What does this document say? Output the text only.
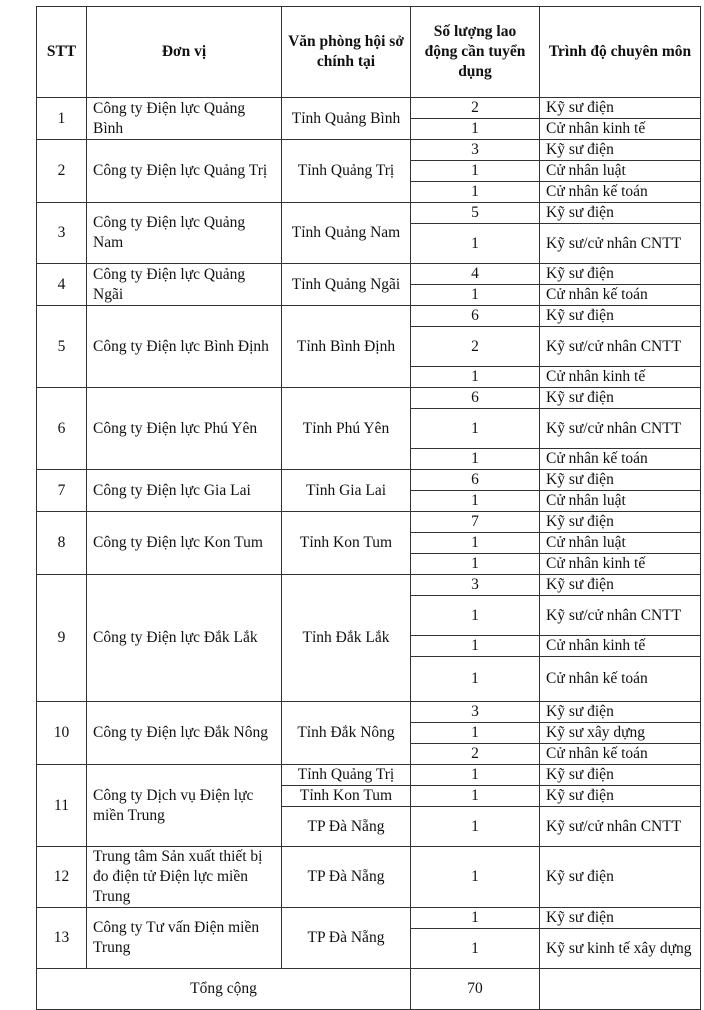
STT	Đơn vị	Văn phòng hội sở chính tại	Số lượng lao động cần tuyển dụng	Trình độ chuyên môn
1	Công ty Điện lực Quảng Bình	Tỉnh Quảng Bình	2	Kỹ sư điện
			1	Cử nhân kinh tế
2	Công ty Điện lực Quảng Trị	Tỉnh Quảng Trị	3	Kỹ sư điện
			1	Cử nhân luật
			1	Cử nhân kế toán
3	Công ty Điện lực Quảng Nam	Tỉnh Quảng Nam	5	Kỹ sư điện
			1	Kỹ sư/cử nhân CNTT
4	Công ty Điện lực Quảng Ngãi	Tỉnh Quảng Ngãi	4	Kỹ sư điện
			1	Cử nhân kế toán
5	Công ty Điện lực Bình Định	Tỉnh Bình Định	6	Kỹ sư điện
			2	Kỹ sư/cử nhân CNTT
			1	Cử nhân kinh tế
6	Công ty Điện lực Phú Yên	Tỉnh Phú Yên	6	Kỹ sư điện
			1	Kỹ sư/cử nhân CNTT
			1	Cử nhân kế toán
7	Công ty Điện lực Gia Lai	Tỉnh Gia Lai	6	Kỹ sư điện
			1	Cử nhân luật
8	Công ty Điện lực Kon Tum	Tỉnh Kon Tum	7	Kỹ sư điện
			1	Cử nhân luật
			1	Cử nhân kinh tế
9	Công ty Điện lực Đắk Lắk	Tỉnh Đắk Lắk	3	Kỹ sư điện
			1	Kỹ sư/cử nhân CNTT
			1	Cử nhân kinh tế
			1	Cử nhân kế toán
10	Công ty Điện lực Đắk Nông	Tỉnh Đắk Nông	3	Kỹ sư điện
			1	Kỹ sư xây dựng
			2	Cử nhân kế toán
11	Công ty Dịch vụ Điện lực miền Trung	Tỉnh Quảng Trị	1	Kỹ sư điện
		Tỉnh Kon Tum	1	Kỹ sư điện
		TP Đà Nẵng	1	Kỹ sư/cử nhân CNTT
12	Trung tâm Sản xuất thiết bị đo điện tử Điện lực miền Trung	TP Đà Nẵng	1	Kỹ sư điện
13	Công ty Tư vấn Điện miền Trung	TP Đà Nẵng	1	Kỹ sư điện
			1	Kỹ sư kinh tế xây dựng
Tổng cộng			70	
